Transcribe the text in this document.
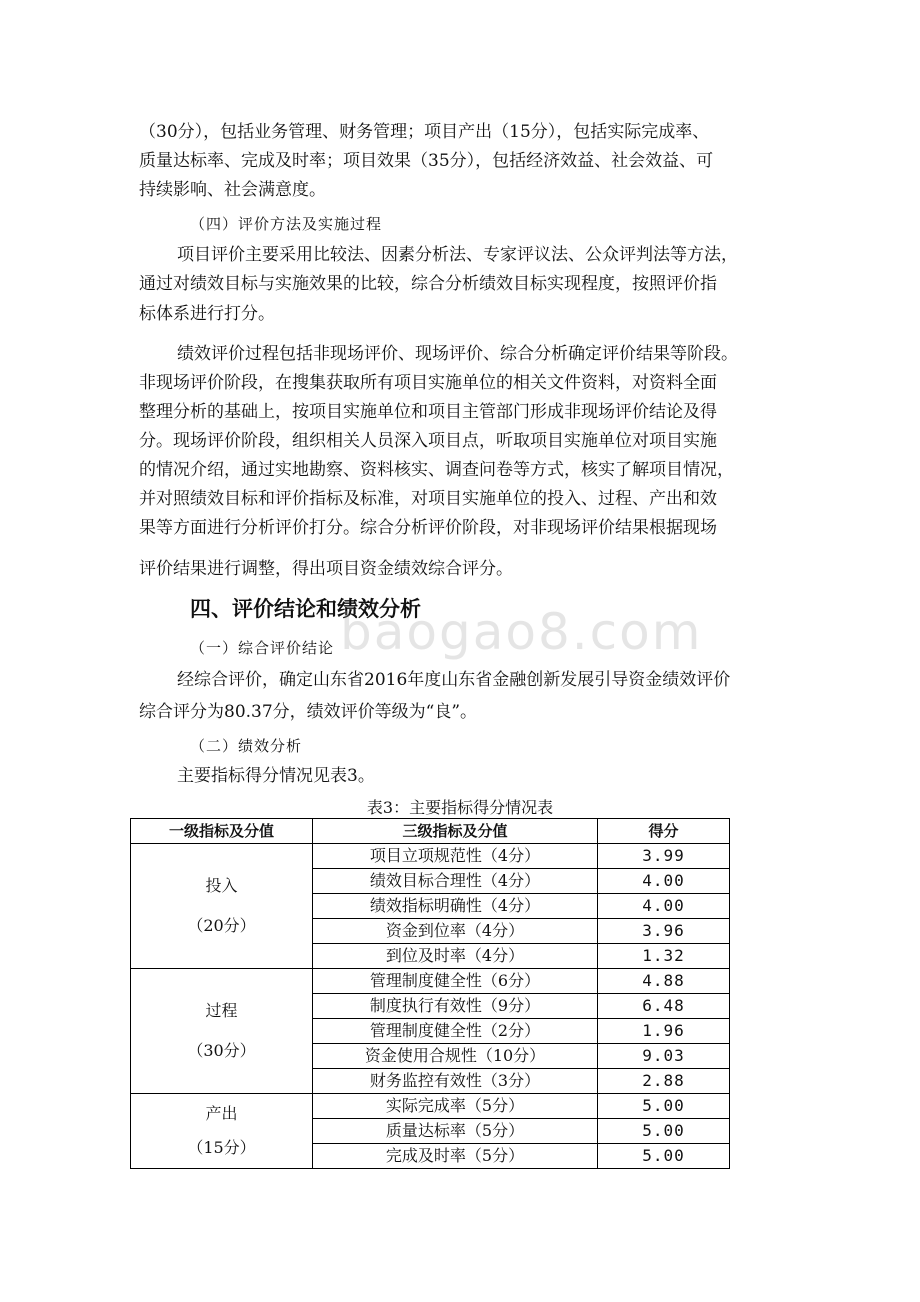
（30分），包括业务管理、财务管理；项目产出（15分），包括实际完成率、

质量达标率、完成及时率；项目效果（35分），包括经济效益、社会效益、可

持续影响、社会满意度。

（四）评价方法及实施过程

项目评价主要采用比较法、因素分析法、专家评议法、公众评判法等方法，

通过对绩效目标与实施效果的比较，综合分析绩效目标实现程度，按照评价指

标体系进行打分。

绩效评价过程包括非现场评价、现场评价、综合分析确定评价结果等阶段。

非现场评价阶段，在搜集获取所有项目实施单位的相关文件资料，对资料全面

整理分析的基础上，按项目实施单位和项目主管部门形成非现场评价结论及得

分。现场评价阶段，组织相关人员深入项目点，听取项目实施单位对项目实施

的情况介绍，通过实地勘察、资料核实、调查问卷等方式，核实了解项目情况，

并对照绩效目标和评价指标及标准，对项目实施单位的投入、过程、产出和效

果等方面进行分析评价打分。综合分析评价阶段，对非现场评价结果根据现场

评价结果进行调整，得出项目资金绩效综合评分。

四、评价结论和绩效分析
baogao8.com

（一）综合评价结论

经综合评价，确定山东省2016年度山东省金融创新发展引导资金绩效评价

综合评分为80.37分，绩效评价等级为“良”。

（二）绩效分析

主要指标得分情况见表3。

表3：主要指标得分情况表

一级指标及分值	三级指标及分值	得分

投入
（20分）	项目立项规范性（4分）	3.99
	绩效目标合理性（4分）	4.00
	绩效指标明确性（4分）	4.00
	资金到位率（4分）	3.96
	到位及时率（4分）	1.32

过程
（30分）	管理制度健全性（6分）	4.88
	制度执行有效性（9分）	6.48
	管理制度健全性（2分）	1.96
	资金使用合规性（10分）	9.03
	财务监控有效性（3分）	2.88

产出
（15分）	实际完成率（5分）	5.00
	质量达标率（5分）	5.00
	完成及时率（5分）	5.00
